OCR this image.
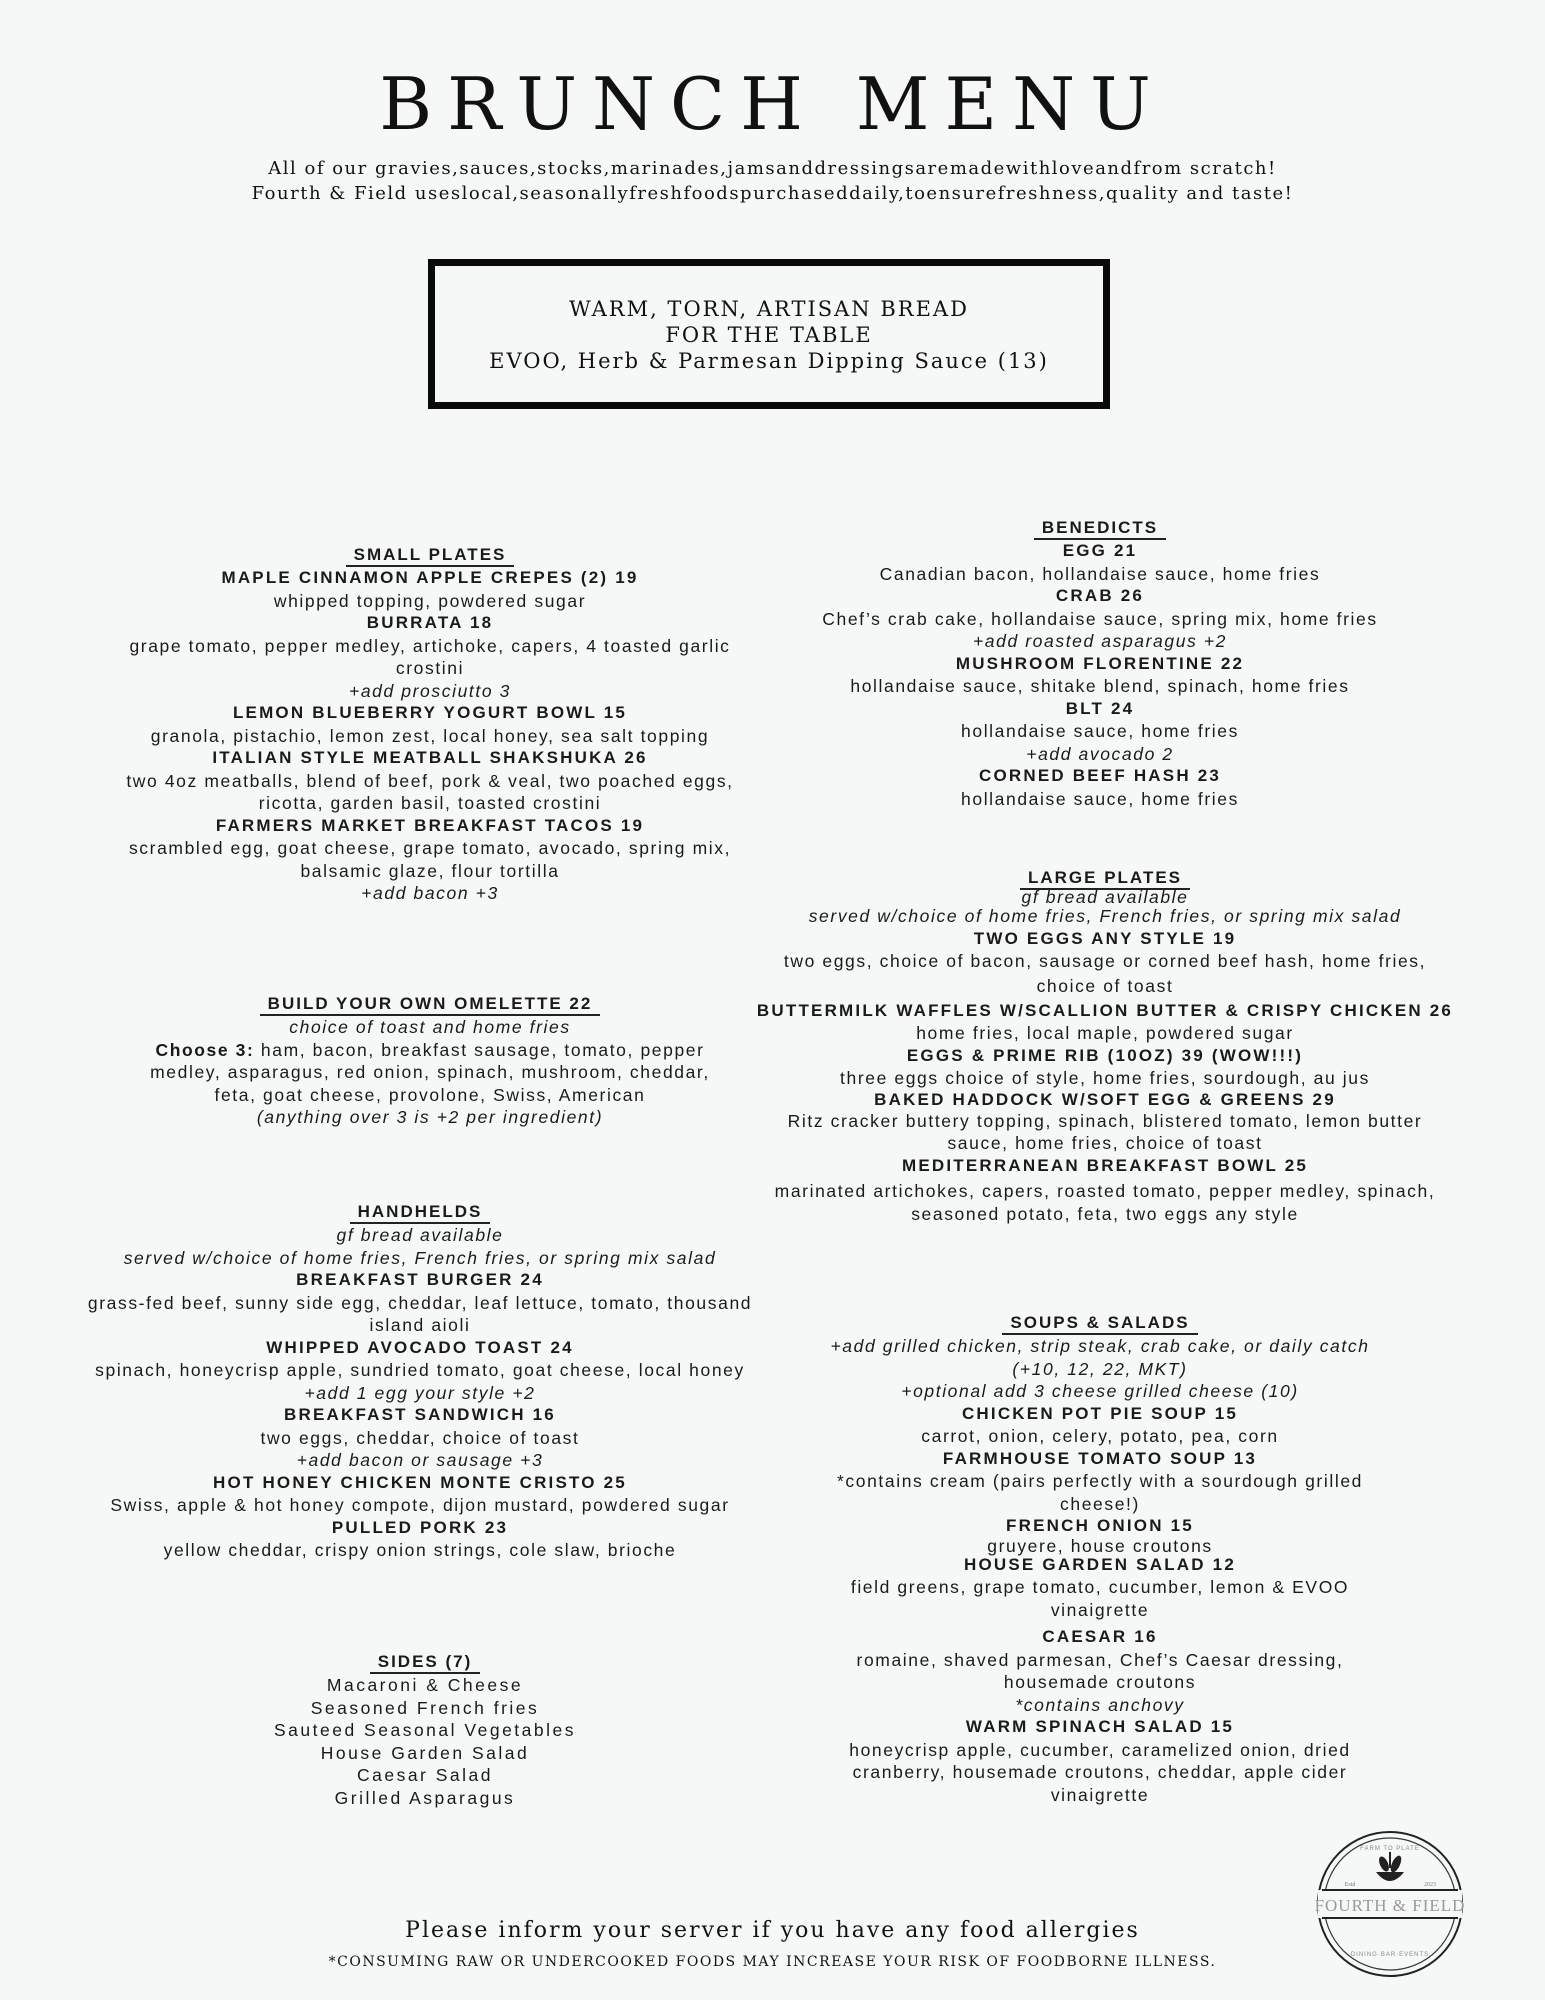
BRUNCH MENU
All of our gravies,sauces,stocks,marinades,jamsanddressingsaremadewithloveandfrom scratch!
Fourth & Field useslocal,seasonallyfreshfoodspurchaseddaily,toensurefreshness,quality and taste!
WARM, TORN, ARTISAN BREAD
FOR THE TABLE
EVOO, Herb & Parmesan Dipping Sauce (13)
SMALL PLATES
MAPLE CINNAMON APPLE CREPES (2) 19
whipped topping, powdered sugar
BURRATA 18
grape tomato, pepper medley, artichoke, capers, 4 toasted garlic
crostini
+add prosciutto 3
LEMON BLUEBERRY YOGURT BOWL 15
granola, pistachio, lemon zest, local honey, sea salt topping
ITALIAN STYLE MEATBALL SHAKSHUKA 26
two 4oz meatballs, blend of beef, pork & veal, two poached eggs,
ricotta, garden basil, toasted crostini
FARMERS MARKET BREAKFAST TACOS 19
scrambled egg, goat cheese, grape tomato, avocado, spring mix,
balsamic glaze, flour tortilla
+add bacon +3
BUILD YOUR OWN OMELETTE 22
choice of toast and home fries
Choose 3: ham, bacon, breakfast sausage, tomato, pepper
medley, asparagus, red onion, spinach, mushroom, cheddar,
feta, goat cheese, provolone, Swiss, American
(anything over 3 is +2 per ingredient)
HANDHELDS
gf bread available
served w/choice of home fries, French fries, or spring mix salad
BREAKFAST BURGER 24
grass-fed beef, sunny side egg, cheddar, leaf lettuce, tomato, thousand
island aioli
WHIPPED AVOCADO TOAST 24
spinach, honeycrisp apple, sundried tomato, goat cheese, local honey
+add 1 egg your style +2
BREAKFAST SANDWICH 16
two eggs, cheddar, choice of toast
+add bacon or sausage +3
HOT HONEY CHICKEN MONTE CRISTO 25
Swiss, apple & hot honey compote, dijon mustard, powdered sugar
PULLED PORK 23
yellow cheddar, crispy onion strings, cole slaw, brioche
SIDES (7)
Macaroni & Cheese
Seasoned French fries
Sauteed Seasonal Vegetables
House Garden Salad
Caesar Salad
Grilled Asparagus
BENEDICTS
EGG 21
Canadian bacon, hollandaise sauce, home fries
CRAB 26
Chef’s crab cake, hollandaise sauce, spring mix, home fries
+add roasted asparagus +2
MUSHROOM FLORENTINE 22
hollandaise sauce, shitake blend, spinach, home fries
BLT 24
hollandaise sauce, home fries
+add avocado 2
CORNED BEEF HASH 23
hollandaise sauce, home fries
LARGE PLATES
gf bread available
served w/choice of home fries, French fries, or spring mix salad
TWO EGGS ANY STYLE 19
two eggs, choice of bacon, sausage or corned beef hash, home fries,
choice of toast
BUTTERMILK WAFFLES W/SCALLION BUTTER & CRISPY CHICKEN 26
home fries, local maple, powdered sugar
EGGS & PRIME RIB (10OZ) 39 (WOW!!!)
three eggs choice of style, home fries, sourdough, au jus
BAKED HADDOCK W/SOFT EGG & GREENS 29
Ritz cracker buttery topping, spinach, blistered tomato, lemon butter
sauce, home fries, choice of toast
MEDITERRANEAN BREAKFAST BOWL 25
marinated artichokes, capers, roasted tomato, pepper medley, spinach,
seasoned potato, feta, two eggs any style
SOUPS & SALADS
+add grilled chicken, strip steak, crab cake, or daily catch
(+10, 12, 22, MKT)
+optional add 3 cheese grilled cheese (10)
CHICKEN POT PIE SOUP 15
carrot, onion, celery, potato, pea, corn
FARMHOUSE TOMATO SOUP 13
*contains cream (pairs perfectly with a sourdough grilled
cheese!)
FRENCH ONION 15
gruyere, house croutons
HOUSE GARDEN SALAD 12
field greens, grape tomato, cucumber, lemon & EVOO
vinaigrette
CAESAR 16
romaine, shaved parmesan, Chef’s Caesar dressing,
housemade croutons
*contains anchovy
WARM SPINACH SALAD 15
honeycrisp apple, cucumber, caramelized onion, dried
cranberry, housemade croutons, cheddar, apple cider
vinaigrette
Please inform your server if you have any food allergies
*CONSUMING RAW OR UNDERCOOKED FOODS MAY INCREASE YOUR RISK OF FOODBORNE ILLNESS.
FARM TO PLATE
Estd	2023
FOURTH & FIELD
DINING·BAR·EVENTS
